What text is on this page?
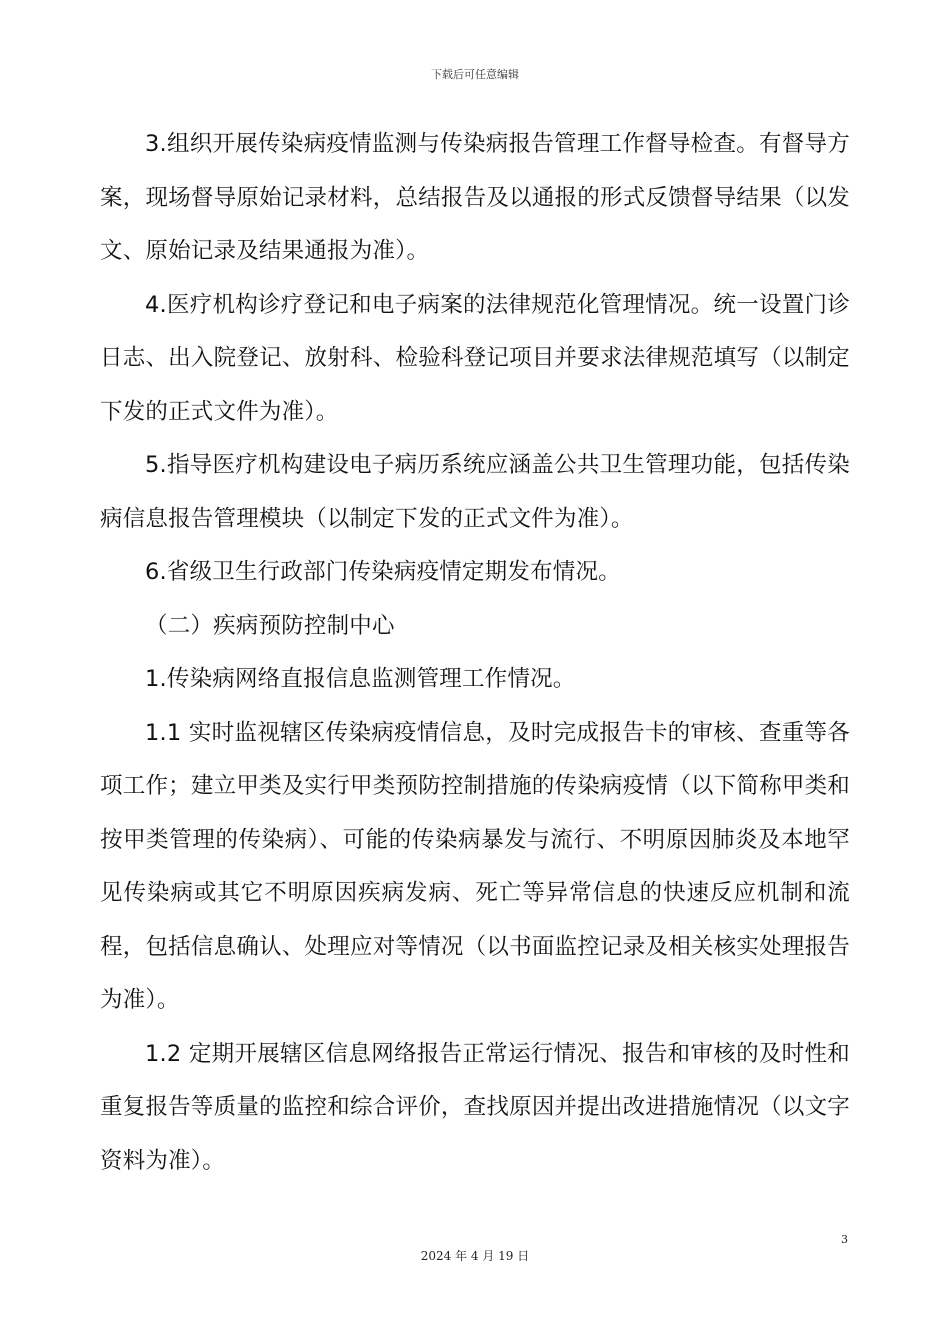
下载后可任意编辑

3.组织开展传染病疫情监测与传染病报告管理工作督导检查。有督导方案，现场督导原始记录材料，总结报告及以通报的形式反馈督导结果（以发文、原始记录及结果通报为准）。

4.医疗机构诊疗登记和电子病案的法律规范化管理情况。统一设置门诊日志、出入院登记、放射科、检验科登记项目并要求法律规范填写（以制定下发的正式文件为准）。

5.指导医疗机构建设电子病历系统应涵盖公共卫生管理功能，包括传染病信息报告管理模块（以制定下发的正式文件为准）。

6.省级卫生行政部门传染病疫情定期发布情况。

（二）疾病预防控制中心

1.传染病网络直报信息监测管理工作情况。

1.1 实时监视辖区传染病疫情信息，及时完成报告卡的审核、查重等各项工作；建立甲类及实行甲类预防控制措施的传染病疫情（以下简称甲类和按甲类管理的传染病）、可能的传染病暴发与流行、不明原因肺炎及本地罕见传染病或其它不明原因疾病发病、死亡等异常信息的快速反应机制和流程，包括信息确认、处理应对等情况（以书面监控记录及相关核实处理报告为准）。

1.2 定期开展辖区信息网络报告正常运行情况、报告和审核的及时性和重复报告等质量的监控和综合评价，查找原因并提出改进措施情况（以文字资料为准）。

3
2024 年 4 月 19 日
